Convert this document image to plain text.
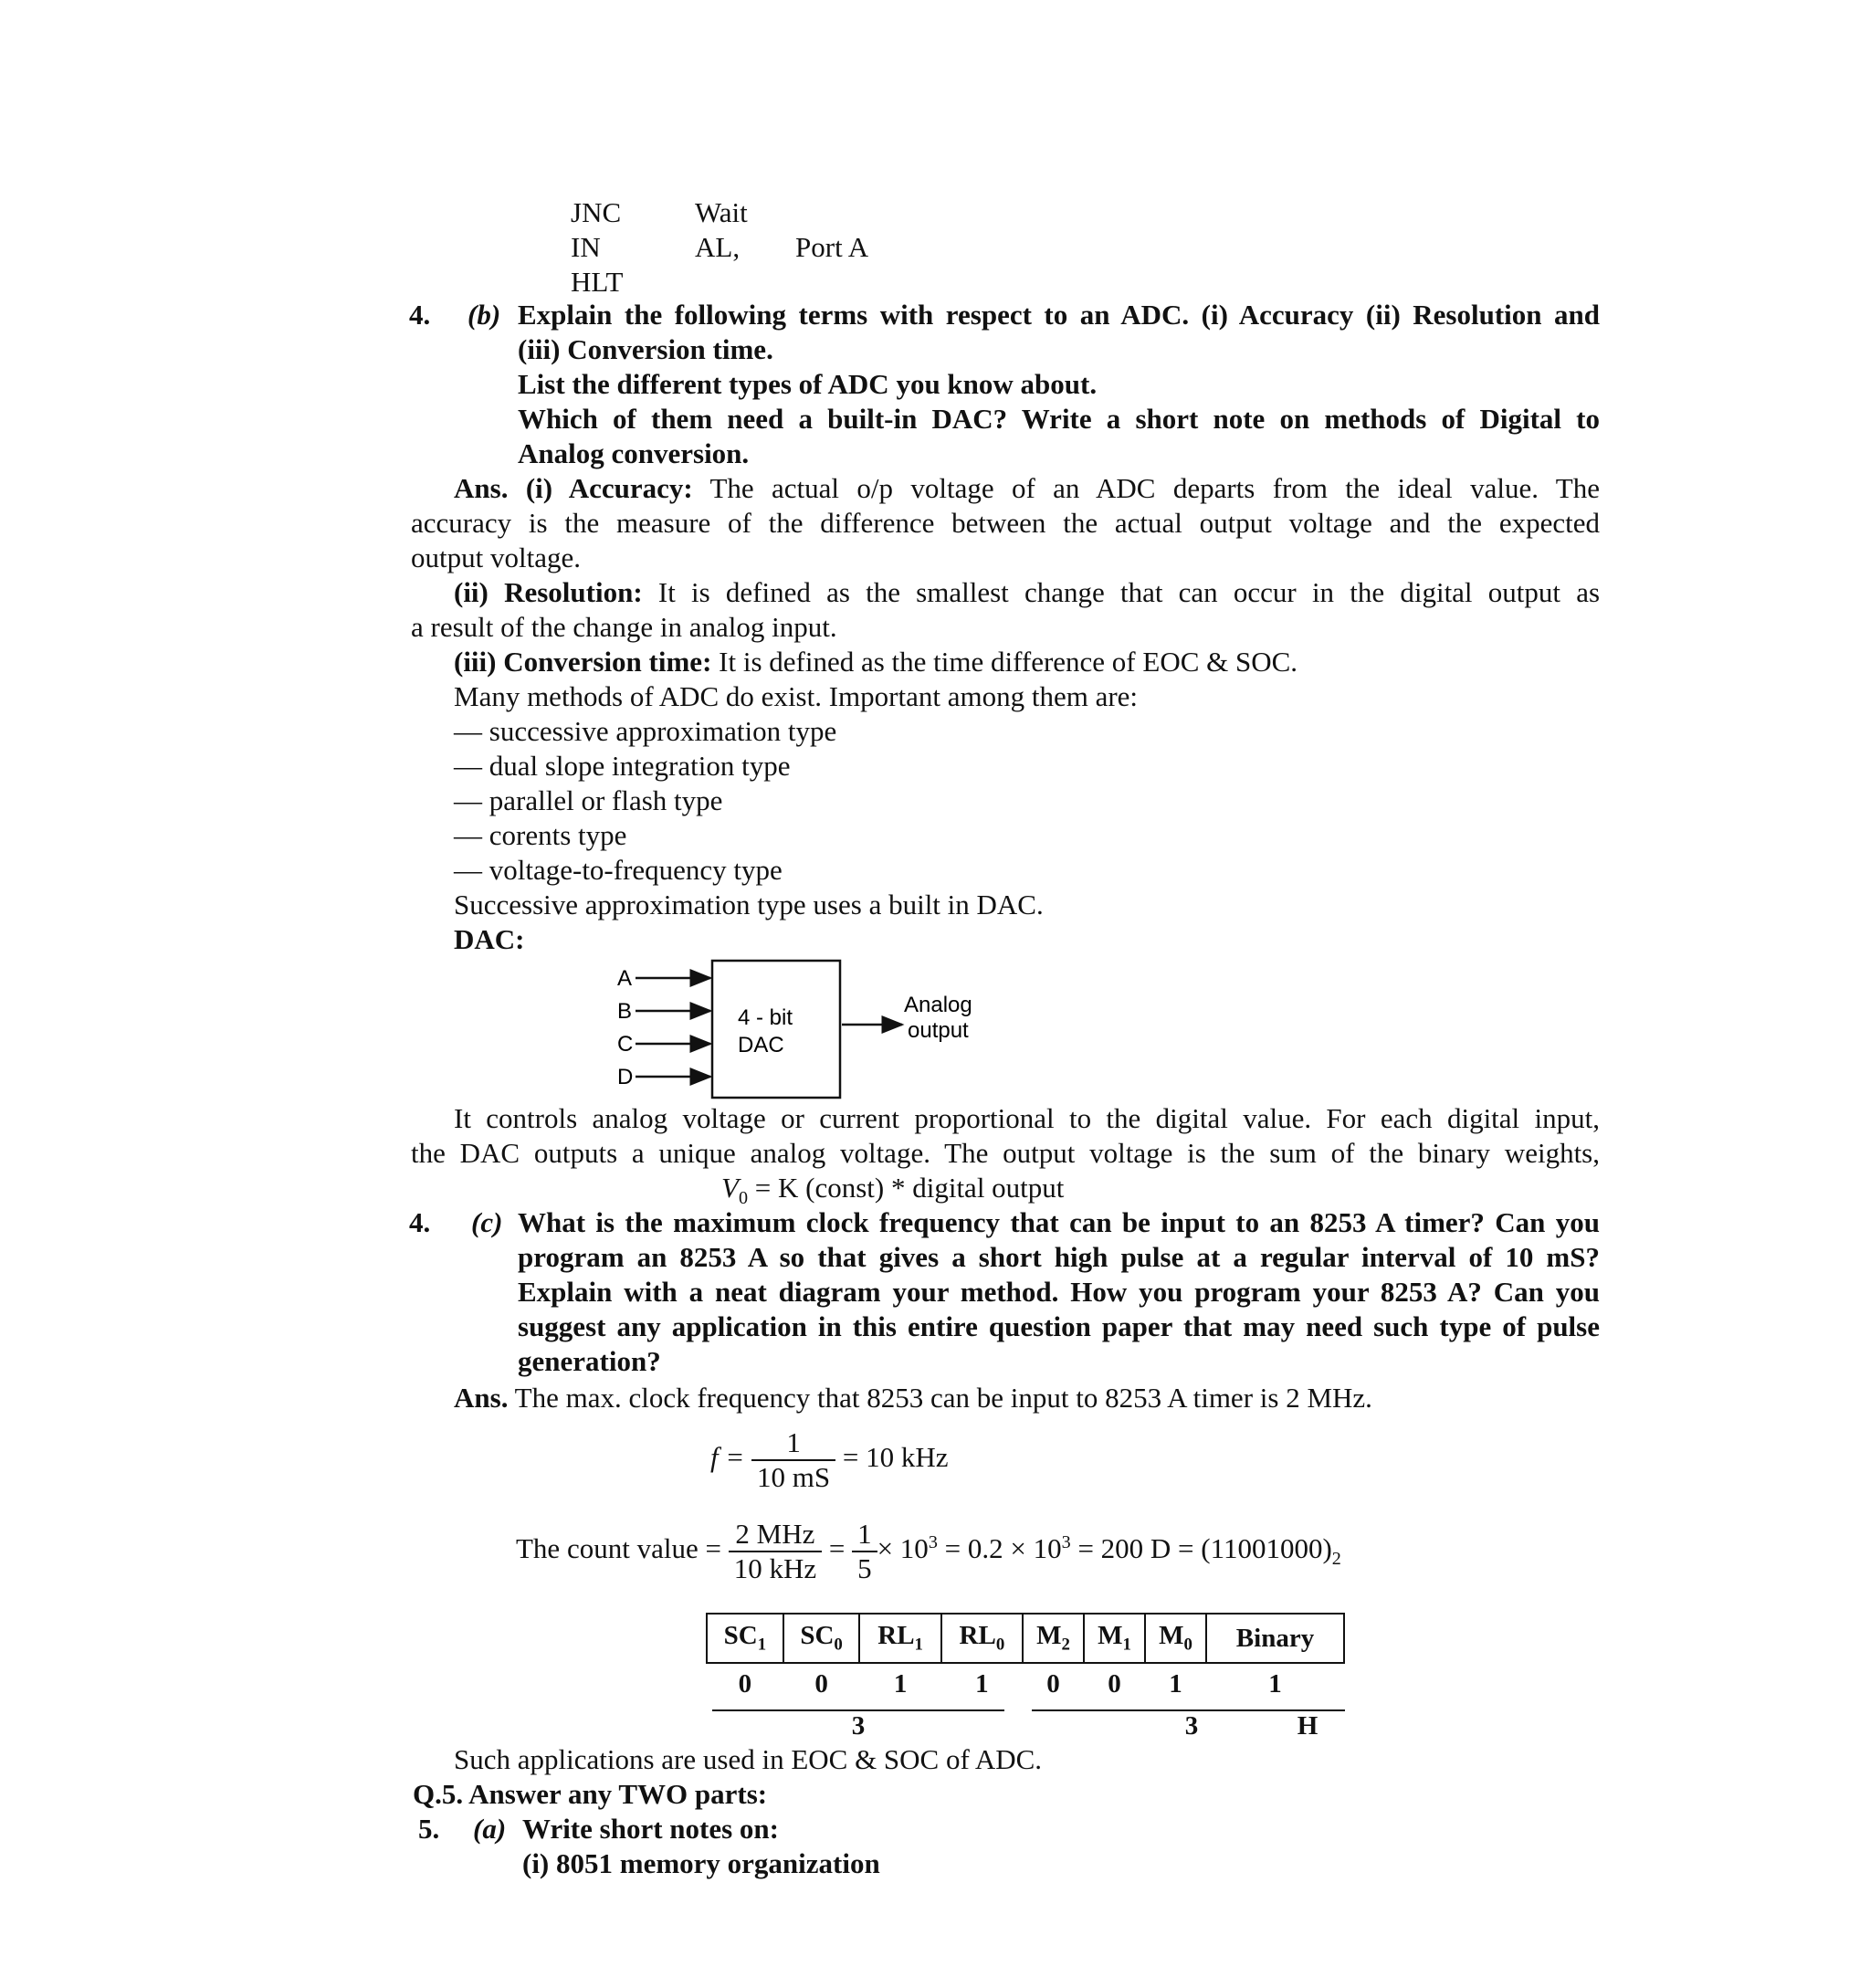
JNC	Wait
IN	AL, Port A
HLT
4. (b) Explain the following terms with respect to an ADC. (i) Accuracy (ii) Resolution and
(iii) Conversion time.
List the different types of ADC you know about.
Which of them need a built-in DAC? Write a short note on methods of Digital to
Analog conversion.
Ans. (i) Accuracy: The actual o/p voltage of an ADC departs from the ideal value. The
accuracy is the measure of the difference between the actual output voltage and the expected
output voltage.
(ii) Resolution: It is defined as the smallest change that can occur in the digital output as
a result of the change in analog input.
(iii) Conversion time: It is defined as the time difference of EOC & SOC.
Many methods of ADC do exist. Important among them are:
— successive approximation type
— dual slope integration type
— parallel or flash type
— corents type
— voltage-to-frequency type
Successive approximation type uses a built in DAC.
DAC:
A
B
C
D
4 - bit
DAC
Analog
output
It controls analog voltage or current proportional to the digital value. For each digital input,
the DAC outputs a unique analog voltage. The output voltage is the sum of the binary weights,
$V_0 = K$ (const) * digital output
4. (c) What is the maximum clock frequency that can be input to an 8253 A timer? Can you
program an 8253 A so that gives a short high pulse at a regular interval of 10 mS?
Explain with a neat diagram your method. How you program your 8253 A? Can you
suggest any application in this entire question paper that may need such type of pulse
generation?
Ans. The max. clock frequency that 8253 can be input to 8253 A timer is 2 MHz.
$f = \frac{1}{10 mS} = 10$ kHz
The count value = $\frac{\text{2 MHz}}{\text{10 kHz}} = \frac{1}{5} \times 10^3 = 0.2 \times 10^3 = 200$ $D = (11001000)_2$
$SC_1$	$SC_0$	$RL_1$	$RL_0$	$M_2$	$M_1$	$M_0$	Binary
0	0	1	1	0	0	1	1
3	3	H
Such applications are used in EOC & SOC of ADC.
Q.5. Answer any TWO parts:
5. (a) Write short notes on:
(i) 8051 memory organization
